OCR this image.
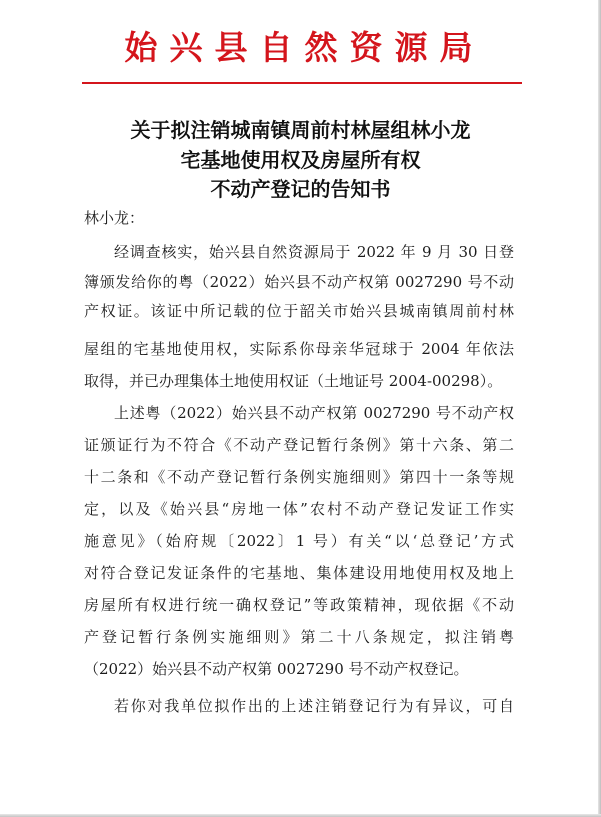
始兴县自然资源局
关于拟注销城南镇周前村林屋组林小龙
宅基地使用权及房屋所有权
不动产登记的告知书
林小龙：
经调查核实，始兴县自然资源局于 2022 年 9 月 30 日登
簿颁发给你的粤（2022）始兴县不动产权第 0027290 号不动
产权证。该证中所记载的位于韶关市始兴县城南镇周前村林
屋组的宅基地使用权，实际系你母亲华冠球于 2004 年依法
取得，并已办理集体土地使用权证（土地证号 2004-00298）。
上述粤（2022）始兴县不动产权第 0027290 号不动产权
证颁证行为不符合《不动产登记暂行条例》第十六条、第二
十二条和《不动产登记暂行条例实施细则》第四十一条等规
定，以及《始兴县“房地一体”农村不动产登记发证工作实
施意见》（始府规〔2022〕1 号）有关“以‘总登记’方式
对符合登记发证条件的宅基地、集体建设用地使用权及地上
房屋所有权进行统一确权登记”等政策精神，现依据《不动
产登记暂行条例实施细则》第二十八条规定，拟注销粤
（2022）始兴县不动产权第 0027290 号不动产权登记。
若你对我单位拟作出的上述注销登记行为有异议，可自
